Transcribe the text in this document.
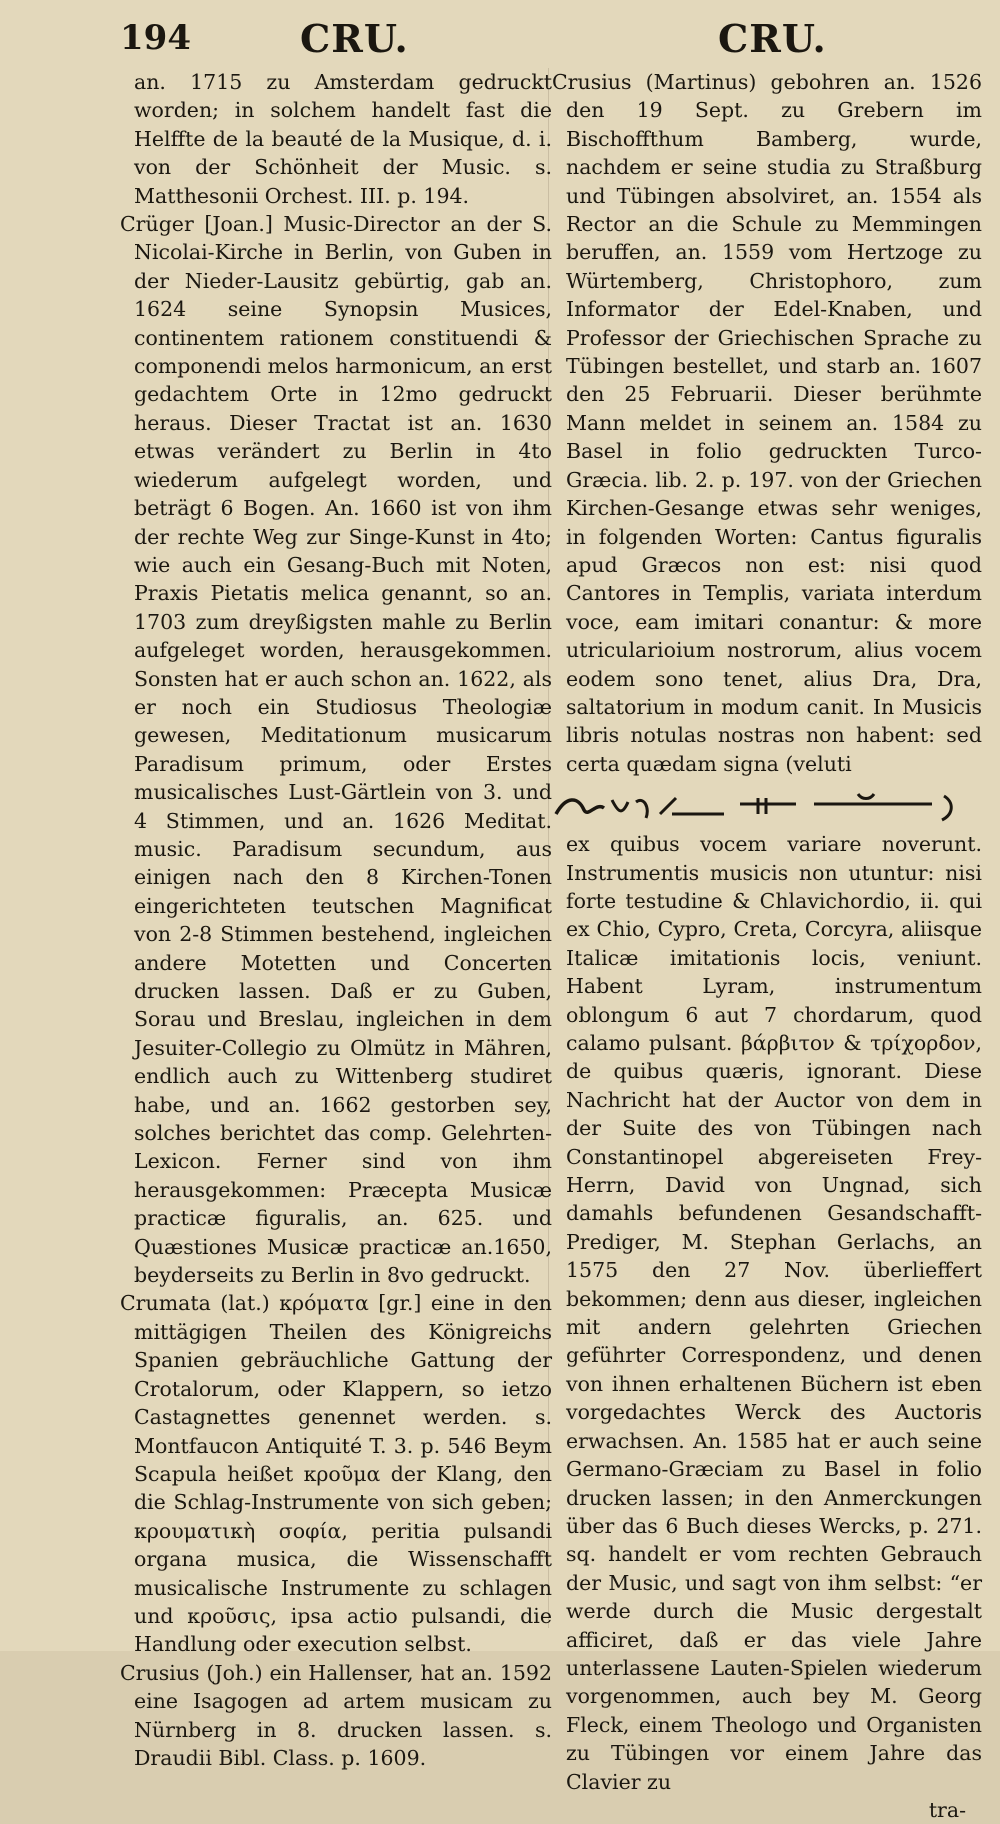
194	CRU.	CRU.

an. 1715 zu Amsterdam gedruckt worden; in solchem handelt fast die Helffte de la beauté de la Musique, d. i. von der Schönheit der Music. s. Matthesonii Orchest. III. p. 194.

Crüger [Joan.] Music-Director an der S. Nicolai-Kirche in Berlin, von Guben in der Nieder-Lausitz gebürtig, gab an. 1624 seine Synopsin Musices, continentem rationem constituendi & componendi melos harmonicum, an erst gedachtem Orte in 12mo gedruckt heraus. Dieser Tractat ist an. 1630 etwas verändert zu Berlin in 4to wiederum aufgelegt worden, und beträgt 6 Bogen. An. 1660 ist von ihm der rechte Weg zur Singe-Kunst in 4to; wie auch ein Gesang-Buch mit Noten, Praxis Pietatis melica genannt, so an. 1703 zum dreyßigsten mahle zu Berlin aufgeleget worden, herausgekommen. Sonsten hat er auch schon an. 1622, als er noch ein Studiosus Theologiæ gewesen, Meditationum musicarum Paradisum primum, oder Erstes musicalisches Lust-Gärtlein von 3. und 4 Stimmen, und an. 1626 Meditat. music. Paradisum secundum, aus einigen nach den 8 Kirchen-Tonen eingerichteten teutschen Magnificat von 2-8 Stimmen bestehend, ingleichen andere Motetten und Concerten drucken lassen. Daß er zu Guben, Sorau und Breslau, ingleichen in dem Jesuiter-Collegio zu Olmütz in Mähren, endlich auch zu Wittenberg studiret habe, und an. 1662 gestorben sey, solches berichtet das comp. Gelehrten-Lexicon. Ferner sind von ihm herausgekommen: Præcepta Musicæ practicæ figuralis, an. 625. und Quæstiones Musicæ practicæ an.1650, beyderseits zu Berlin in 8vo gedruckt.

Crumata (lat.) κρόματα [gr.] eine in den mittägigen Theilen des Königreichs Spanien gebräuchliche Gattung der Crotalorum, oder Klappern, so ietzo Castagnettes genennet werden. s. Montfaucon Antiquité T. 3. p. 546 Beym Scapula heißet κροῦμα der Klang, den die Schlag-Instrumente von sich geben; κρουματικὴ σοφία, peritia pulsandi organa musica, die Wissenschafft musicalische Instrumente zu schlagen und κροῦσις, ipsa actio pulsandi, die Handlung oder execution selbst.

Crusius (Joh.) ein Hallenser, hat an. 1592 eine Isagogen ad artem musicam zu Nürnberg in 8. drucken lassen. s. Draudii Bibl. Class. p. 1609.

Crusius (Martinus) gebohren an. 1526 den 19 Sept. zu Grebern im Bischoffthum Bamberg, wurde, nachdem er seine studia zu Straßburg und Tübingen absolviret, an. 1554 als Rector an die Schule zu Memmingen beruffen, an. 1559 vom Hertzoge zu Würtemberg, Christophoro, zum Informator der Edel-Knaben, und Professor der Griechischen Sprache zu Tübingen bestellet, und starb an. 1607 den 25 Februarii. Dieser berühmte Mann meldet in seinem an. 1584 zu Basel in folio gedruckten Turco-Græcia. lib. 2. p. 197. von der Griechen Kirchen-Gesange etwas sehr weniges, in folgenden Worten: Cantus figuralis apud Græcos non est: nisi quod Cantores in Templis, variata interdum voce, eam imitari conantur: & more utricularioium nostrorum, alius vocem eodem sono tenet, alius Dra, Dra, saltatorium in modum canit. In Musicis libris notulas nostras non habent: sed certa quædam signa (veluti

ex quibus vocem variare noverunt. Instrumentis musicis non utuntur: nisi forte testudine & Chlavichordio, ii. qui ex Chio, Cypro, Creta, Corcyra, aliisque Italicæ imitationis locis, veniunt. Habent Lyram, instrumentum oblongum 6 aut 7 chordarum, quod calamo pulsant. βάρβιτον & τρίχορδον, de quibus quæris, ignorant. Diese Nachricht hat der Auctor von dem in der Suite des von Tübingen nach Constantinopel abgereiseten Frey-Herrn, David von Ungnad, sich damahls befundenen Gesandschafft-Prediger, M. Stephan Gerlachs, an 1575 den 27 Nov. überlieffert bekommen; denn aus dieser, ingleichen mit andern gelehrten Griechen geführter Correspondenz, und denen von ihnen erhaltenen Büchern ist eben vorgedachtes Werck des Auctoris erwachsen. An. 1585 hat er auch seine Germano-Græciam zu Basel in folio drucken lassen; in den Anmerckungen über das 6 Buch dieses Wercks, p. 271. sq. handelt er vom rechten Gebrauch der Music, und sagt von ihm selbst: “er werde durch die Music dergestalt afficiret, daß er das viele Jahre unterlassene Lauten-Spielen wiederum vorgenommen, auch bey M. Georg Fleck, einem Theologo und Organisten zu Tübingen vor einem Jahre das Clavier zu

tra-
